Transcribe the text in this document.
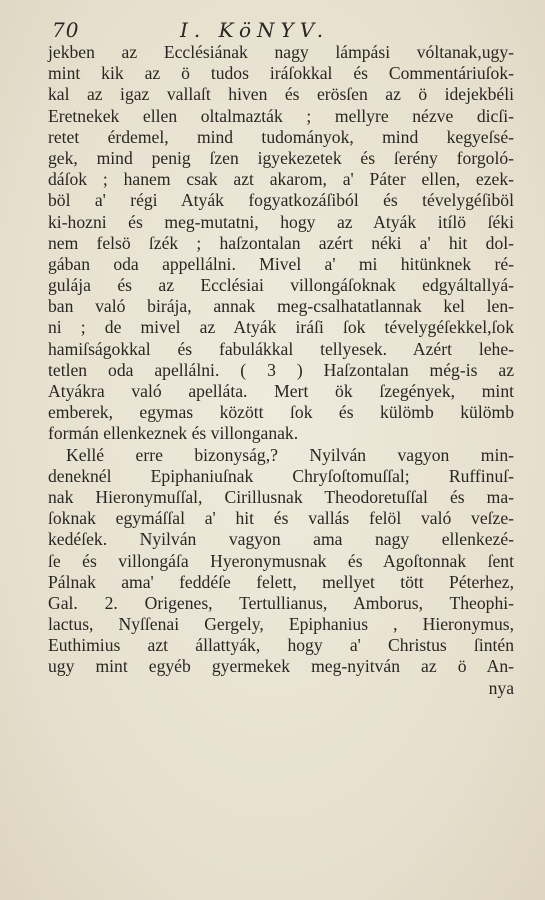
70	I. KöNYV.
jekben az Ecclésiának nagy lámpási vóltanak,ugy-
mint kik az ö tudos iráſokkal és Commentáriuſok-
kal az igaz vallaſt hiven és erösſen az ö idejekbéli
Eretnekek ellen oltalmazták ; mellyre nézve dicſi-
retet érdemel, mind tudományok, mind kegyeſsé-
gek, mind penig ſzen igyekezetek és ſerény forgoló-
dáſok ; hanem csak azt akarom, a' Páter ellen, ezek-
böl a' régi Atyák fogyatkozáſiból és tévelygéſiböl
ki-hozni és meg-mutatni, hogy az Atyák itílö ſéki
nem felsö ſzék ; haſzontalan azért néki a' hit dol-
gában oda appellálni. Mivel a' mi hitünknek ré-
gulája és az Ecclésiai villongáſoknak edgyáltallyá-
ban való birája, annak meg-csalhatatlannak kel len-
ni ; de mivel az Atyák iráſi ſok tévelygéſekkel,ſok
hamiſságokkal és fabulákkal tellyesek. Azért lehe-
tetlen oda apellálni. ( 3 ) Haſzontalan még-is az
Atyákra való apelláta. Mert ök ſzegények, mint
emberek, egymas között ſok és külömb külömb
formán ellenkeznek és villonganak.
Kellé erre bizonyság,? Nyilván vagyon min-
deneknél Epiphaniuſnak Chryſoſtomuſſal; Ruffinuſ-
nak Hieronymuſſal, Cirillusnak Theodoretuſſal és ma-
ſoknak egymáſſal a' hit és vallás felöl való veſze-
kedéſek. Nyilván vagyon ama nagy ellenkezé-
ſe és villongáſa Hyeronymusnak és Agoſtonnak ſent
Pálnak ama' feddéſe felett, mellyet tött Péterhez,
Gal. 2. Origenes, Tertullianus, Amborus, Theophi-
lactus, Nyſſenai Gergely, Epiphanius , Hieronymus,
Euthimius azt állattyák, hogy a' Christus ſintén
ugy mint egyéb gyermekek meg-nyitván az ö An-
nya
